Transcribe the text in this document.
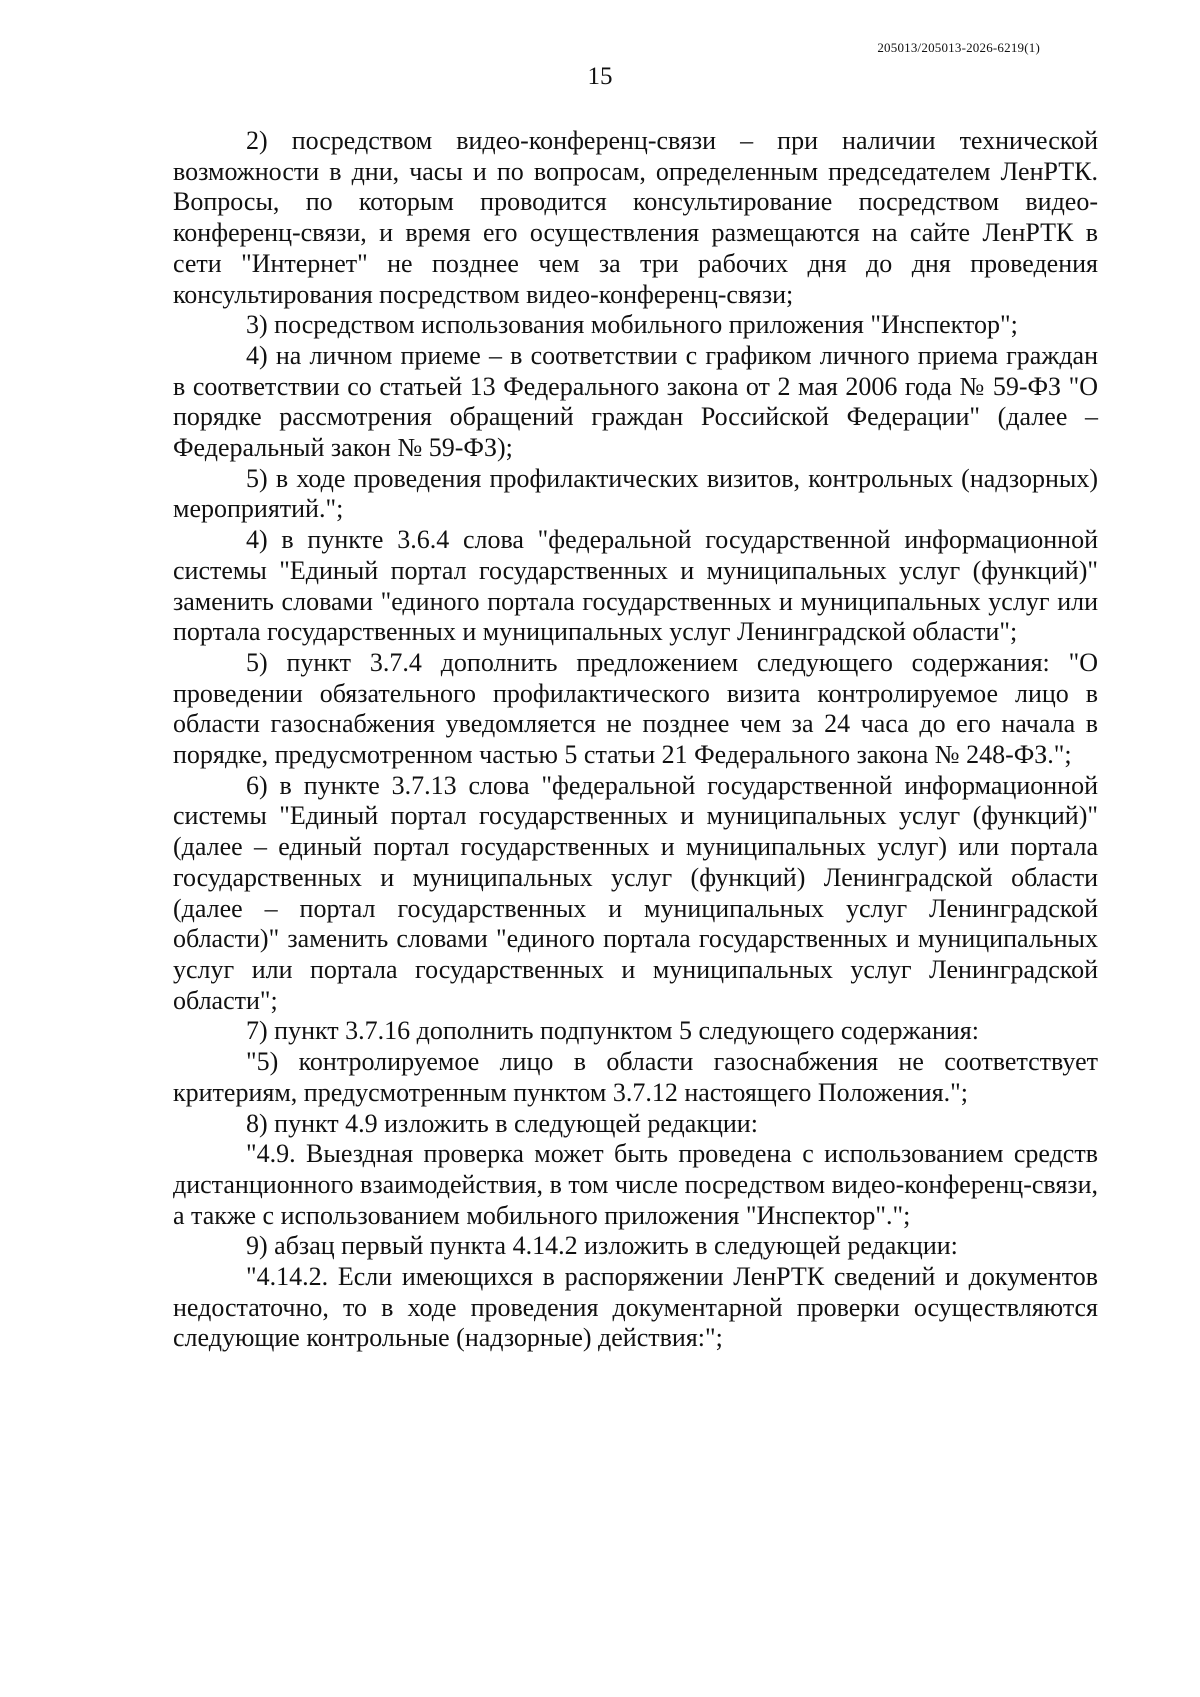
205013/205013-2026-6219(1)
15

2) посредством видео-конференц-связи – при наличии технической возможности в дни, часы и по вопросам, определенным председателем ЛенРТК. Вопросы, по которым проводится консультирование посредством видео-конференц-связи, и время его осуществления размещаются на сайте ЛенРТК в сети "Интернет" не позднее чем за три рабочих дня до дня проведения консультирования посредством видео-конференц-связи;

3) посредством использования мобильного приложения "Инспектор";

4) на личном приеме – в соответствии с графиком личного приема граждан в соответствии со статьей 13 Федерального закона от 2 мая 2006 года № 59-ФЗ "О порядке рассмотрения обращений граждан Российской Федерации" (далее – Федеральный закон № 59-ФЗ);

5) в ходе проведения профилактических визитов, контрольных (надзорных) мероприятий.";

4) в пункте 3.6.4 слова "федеральной государственной информационной системы "Единый портал государственных и муниципальных услуг (функций)" заменить словами "единого портала государственных и муниципальных услуг или портала государственных и муниципальных услуг Ленинградской области";

5) пункт 3.7.4 дополнить предложением следующего содержания: "О проведении обязательного профилактического визита контролируемое лицо в области газоснабжения уведомляется не позднее чем за 24 часа до его начала в порядке, предусмотренном частью 5 статьи 21 Федерального закона № 248-ФЗ.";

6) в пункте 3.7.13 слова "федеральной государственной информационной системы "Единый портал государственных и муниципальных услуг (функций)" (далее – единый портал государственных и муниципальных услуг) или портала государственных и муниципальных услуг (функций) Ленинградской области (далее – портал государственных и муниципальных услуг Ленинградской области)" заменить словами "единого портала государственных и муниципальных услуг или портала государственных и муниципальных услуг Ленинградской области";

7) пункт 3.7.16 дополнить подпунктом 5 следующего содержания:

"5) контролируемое лицо в области газоснабжения не соответствует критериям, предусмотренным пунктом 3.7.12 настоящего Положения.";

8) пункт 4.9 изложить в следующей редакции:

"4.9. Выездная проверка может быть проведена с использованием средств дистанционного взаимодействия, в том числе посредством видео-конференц-связи, а также с использованием мобильного приложения "Инспектор".";

9) абзац первый пункта 4.14.2 изложить в следующей редакции:

"4.14.2. Если имеющихся в распоряжении ЛенРТК сведений и документов недостаточно, то в ходе проведения документарной проверки осуществляются следующие контрольные (надзорные) действия:";
